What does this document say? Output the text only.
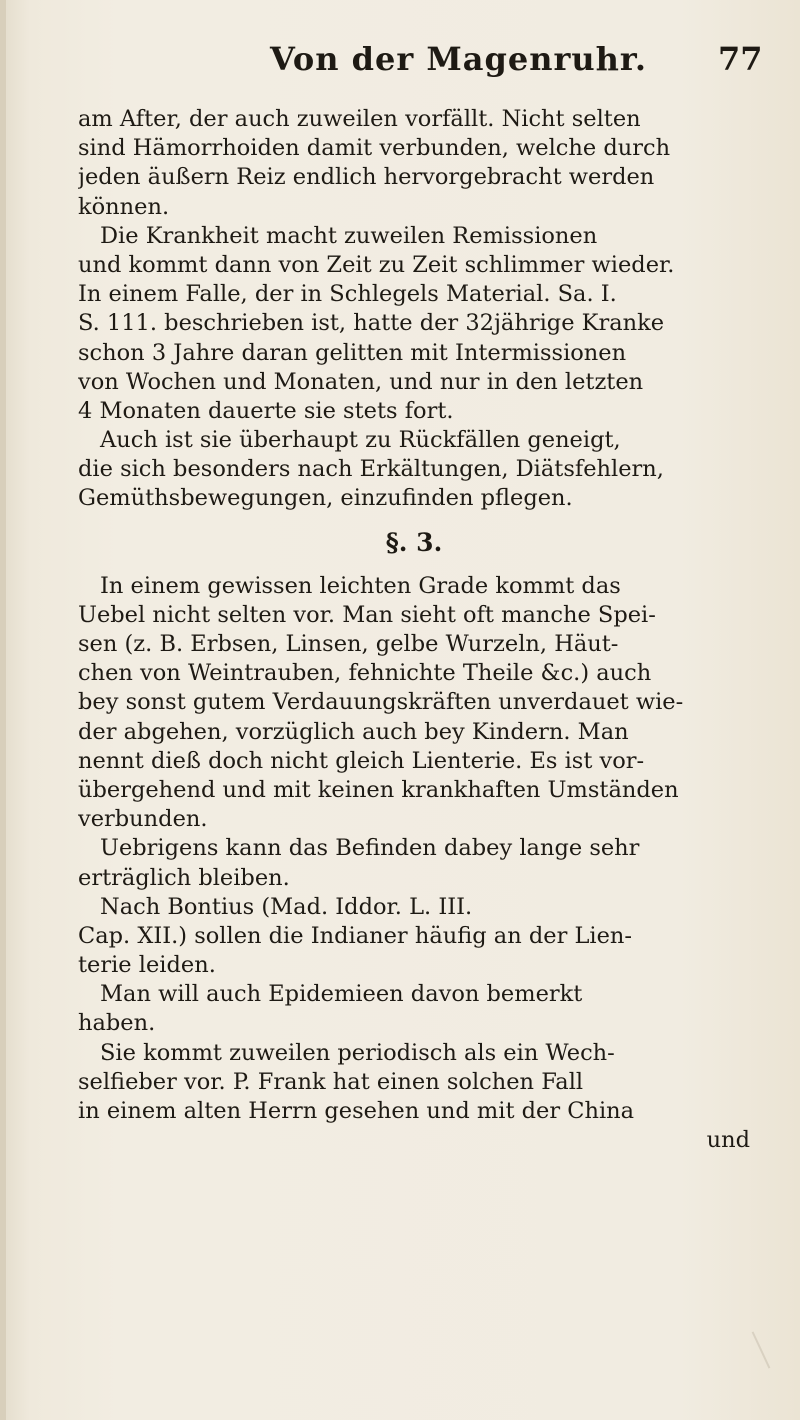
Von der Magenruhr. 77
am After, der auch zuweilen vorfällt. Nicht selten
sind Hämorrhoiden damit verbunden, welche durch
jeden äußern Reiz endlich hervorgebracht werden
können.
Die Krankheit macht zuweilen Remissionen
und kommt dann von Zeit zu Zeit schlimmer wieder.
In einem Falle, der in Schlegels Material. Sa. I.
S. 111. beschrieben ist, hatte der 32jährige Kranke
schon 3 Jahre daran gelitten mit Intermissionen
von Wochen und Monaten, und nur in den letzten
4 Monaten dauerte sie stets fort.
Auch ist sie überhaupt zu Rückfällen geneigt,
die sich besonders nach Erkältungen, Diätsfehlern,
Gemüthsbewegungen, einzufinden pflegen.
§. 3.
In einem gewissen leichten Grade kommt das
Uebel nicht selten vor. Man sieht oft manche Spei-
sen (z. B. Erbsen, Linsen, gelbe Wurzeln, Häut-
chen von Weintrauben, fehnichte Theile &c.) auch
bey sonst gutem Verdauungskräften unverdauet wie-
der abgehen, vorzüglich auch bey Kindern. Man
nennt dieß doch nicht gleich Lienterie. Es ist vor-
übergehend und mit keinen krankhaften Umständen
verbunden.
Uebrigens kann das Befinden dabey lange sehr
erträglich bleiben.
Nach Bontius (Mad. Iddor. L. III.
Cap. XII.) sollen die Indianer häufig an der Lien-
terie leiden.
Man will auch Epidemieen davon bemerkt
haben.
Sie kommt zuweilen periodisch als ein Wech-
selfieber vor. P. Frank hat einen solchen Fall
in einem alten Herrn gesehen und mit der China
und
